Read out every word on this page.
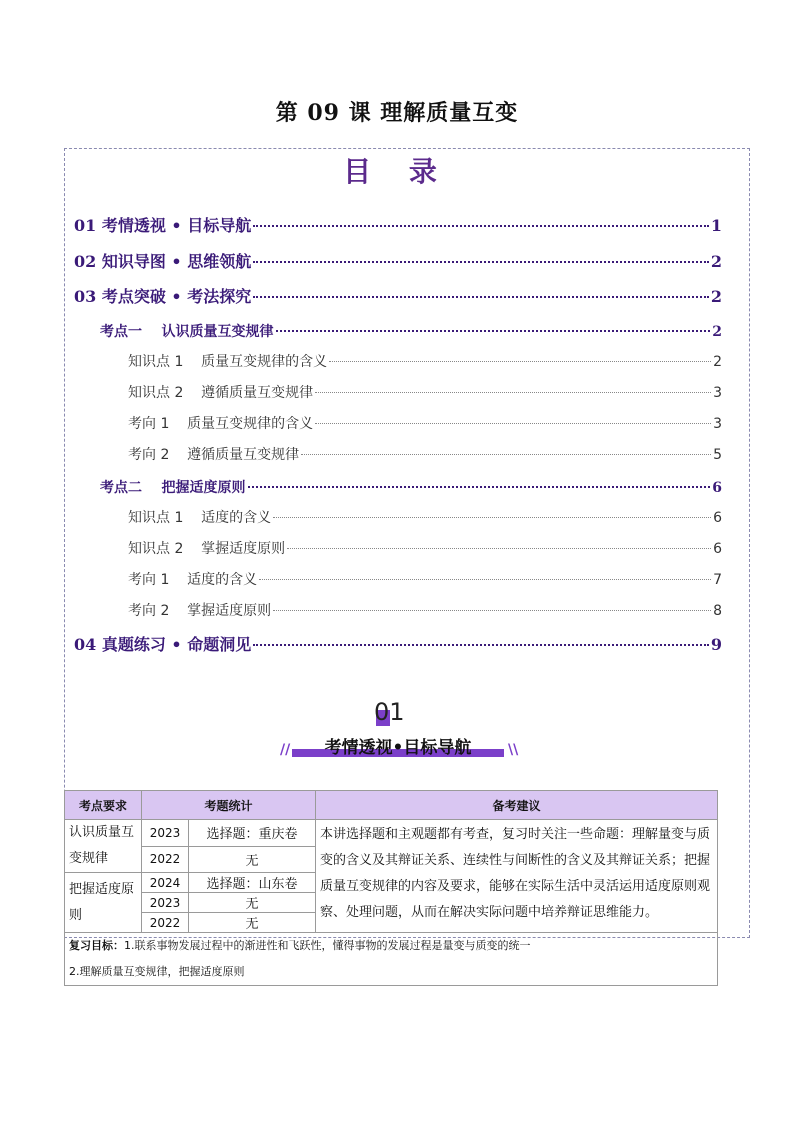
第 09 课 理解质量互变
目 录
01 考情透视 • 目标导航	1
02 知识导图 • 思维领航	2
03 考点突破 • 考法探究	2
考点一    认识质量互变规律	2
知识点 1    质量互变规律的含义	2
知识点 2    遵循质量互变规律	3
考向 1    质量互变规律的含义	3
考向 2    遵循质量互变规律	5
考点二    把握适度原则	6
知识点 1    适度的含义	6
知识点 2    掌握适度原则	6
考向 1    适度的含义	7
考向 2    掌握适度原则	8
04 真题练习 • 命题洞见	9
01
//	考情透视•目标导航	\\
考点要求	考题统计		备考建议
认识质量互变规律	2023	选择题：重庆卷	本讲选择题和主观题都有考查，复习时关注一些命题：理解量变与质变的含义及其辩证关系、连续性与间断性的含义及其辩证关系；把握质量互变规律的内容及要求，能够在实际生活中灵活运用适度原则观察、处理问题，从而在解决实际问题中培养辩证思维能力。
	2022	无	
把握适度原则	2024	选择题：山东卷	
	2023	无	
	2022	无	
复习目标：1.联系事物发展过程中的渐进性和飞跃性，懂得事物的发展过程是量变与质变的统一
2.理解质量互变规律，把握适度原则			
